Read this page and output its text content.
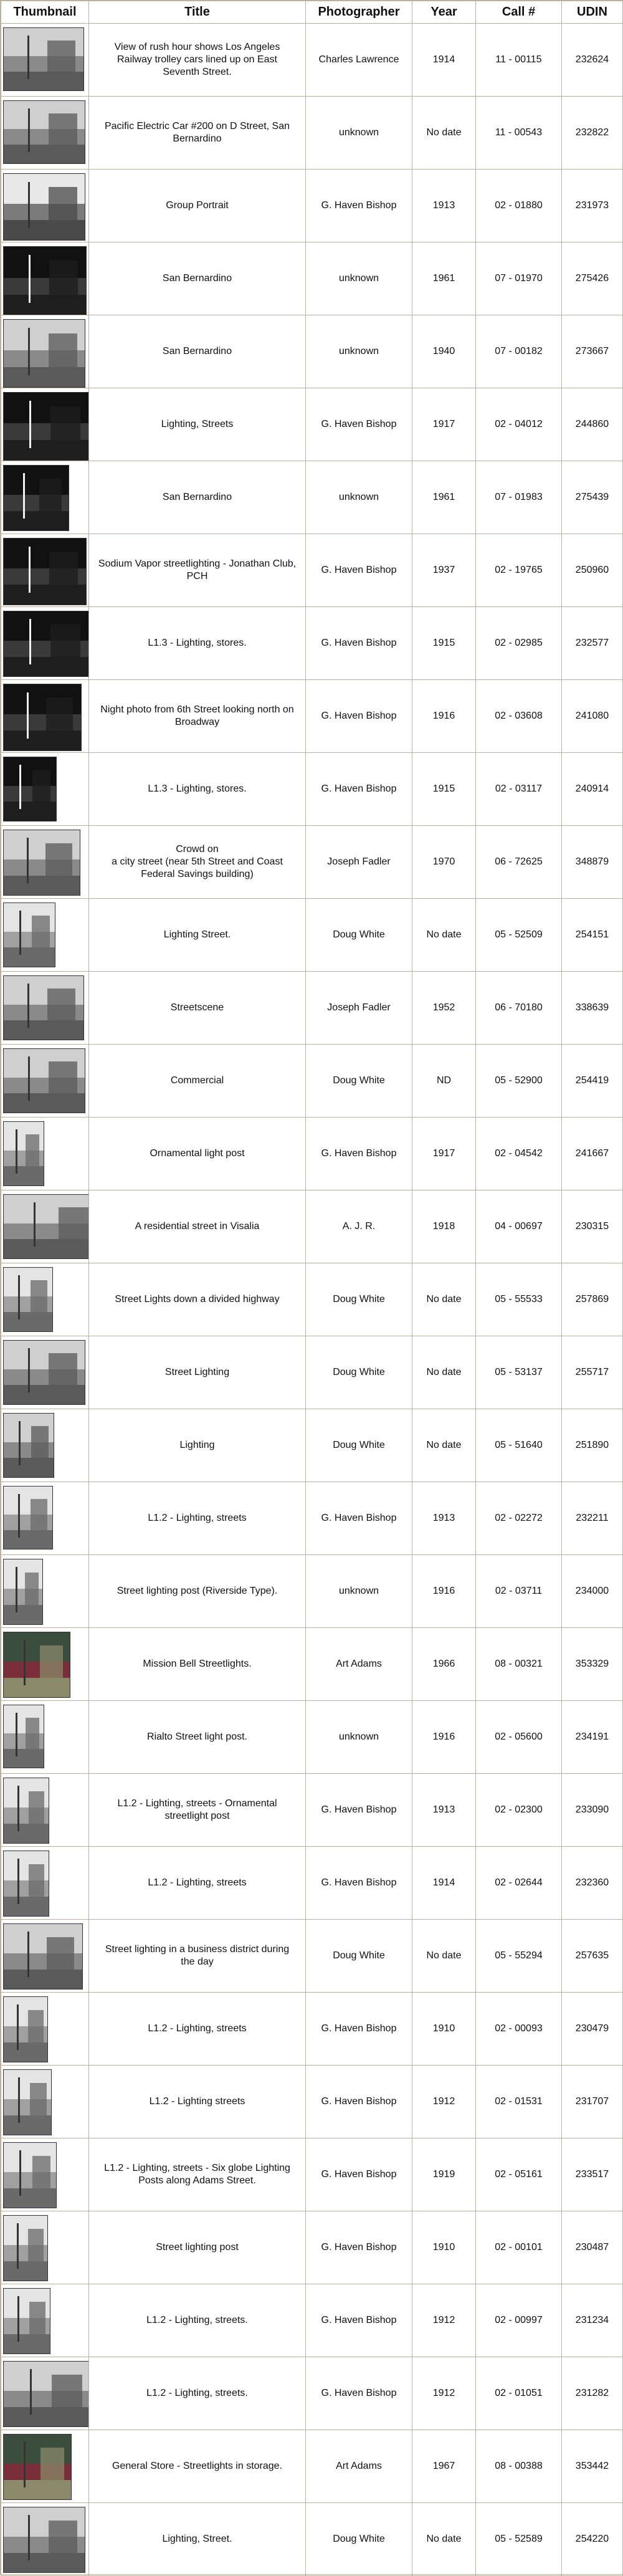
Thumbnail	Title	Photographer	Year	Call #	UDIN

	View of rush hour shows Los Angeles Railway trolley cars lined up on East Seventh Street.	Charles Lawrence	1914	11 - 00115	232624

	Pacific Electric Car #200 on D Street, San Bernardino	unknown	No date	11 - 00543	232822

	Group Portrait	G. Haven Bishop	1913	02 - 01880	231973

	San Bernardino	unknown	1961	07 - 01970	275426

	San Bernardino	unknown	1940	07 - 00182	273667

	Lighting, Streets	G. Haven Bishop	1917	02 - 04012	244860

	San Bernardino	unknown	1961	07 - 01983	275439

	Sodium Vapor streetlighting - Jonathan Club, PCH	G. Haven Bishop	1937	02 - 19765	250960

	L1.3 - Lighting, stores.	G. Haven Bishop	1915	02 - 02985	232577

	Night photo from 6th Street looking north on Broadway	G. Haven Bishop	1916	02 - 03608	241080

	L1.3 - Lighting, stores.	G. Haven Bishop	1915	02 - 03117	240914

	Crowd on
a city street (near 5th Street and Coast Federal Savings building)	Joseph Fadler	1970	06 - 72625	348879

	Lighting Street.	Doug White	No date	05 - 52509	254151

	Streetscene	Joseph Fadler	1952	06 - 70180	338639

	Commercial	Doug White	ND	05 - 52900	254419

	Ornamental light post	G. Haven Bishop	1917	02 - 04542	241667

	A residential street in Visalia	A. J. R.	1918	04 - 00697	230315

	Street Lights down a divided highway	Doug White	No date	05 - 55533	257869

	Street Lighting	Doug White	No date	05 - 53137	255717

	Lighting	Doug White	No date	05 - 51640	251890

	L1.2 - Lighting, streets	G. Haven Bishop	1913	02 - 02272	232211

	Street lighting post (Riverside Type).	unknown	1916	02 - 03711	234000

	Mission Bell Streetlights.	Art Adams	1966	08 - 00321	353329

	Rialto Street light post.	unknown	1916	02 - 05600	234191

	L1.2 - Lighting, streets - Ornamental streetlight post	G. Haven Bishop	1913	02 - 02300	233090

	L1.2 - Lighting, streets	G. Haven Bishop	1914	02 - 02644	232360

	Street lighting in a business district during the day	Doug White	No date	05 - 55294	257635

	L1.2 - Lighting, streets	G. Haven Bishop	1910	02 - 00093	230479

	L1.2 - Lighting streets	G. Haven Bishop	1912	02 - 01531	231707

	L1.2 - Lighting, streets - Six globe Lighting Posts along Adams Street.	G. Haven Bishop	1919	02 - 05161	233517

	Street lighting post	G. Haven Bishop	1910	02 - 00101	230487

	L1.2 - Lighting, streets.	G. Haven Bishop	1912	02 - 00997	231234

	L1.2 - Lighting, streets.	G. Haven Bishop	1912	02 - 01051	231282

	General Store - Streetlights in storage.	Art Adams	1967	08 - 00388	353442

	Lighting, Street.	Doug White	No date	05 - 52589	254220
